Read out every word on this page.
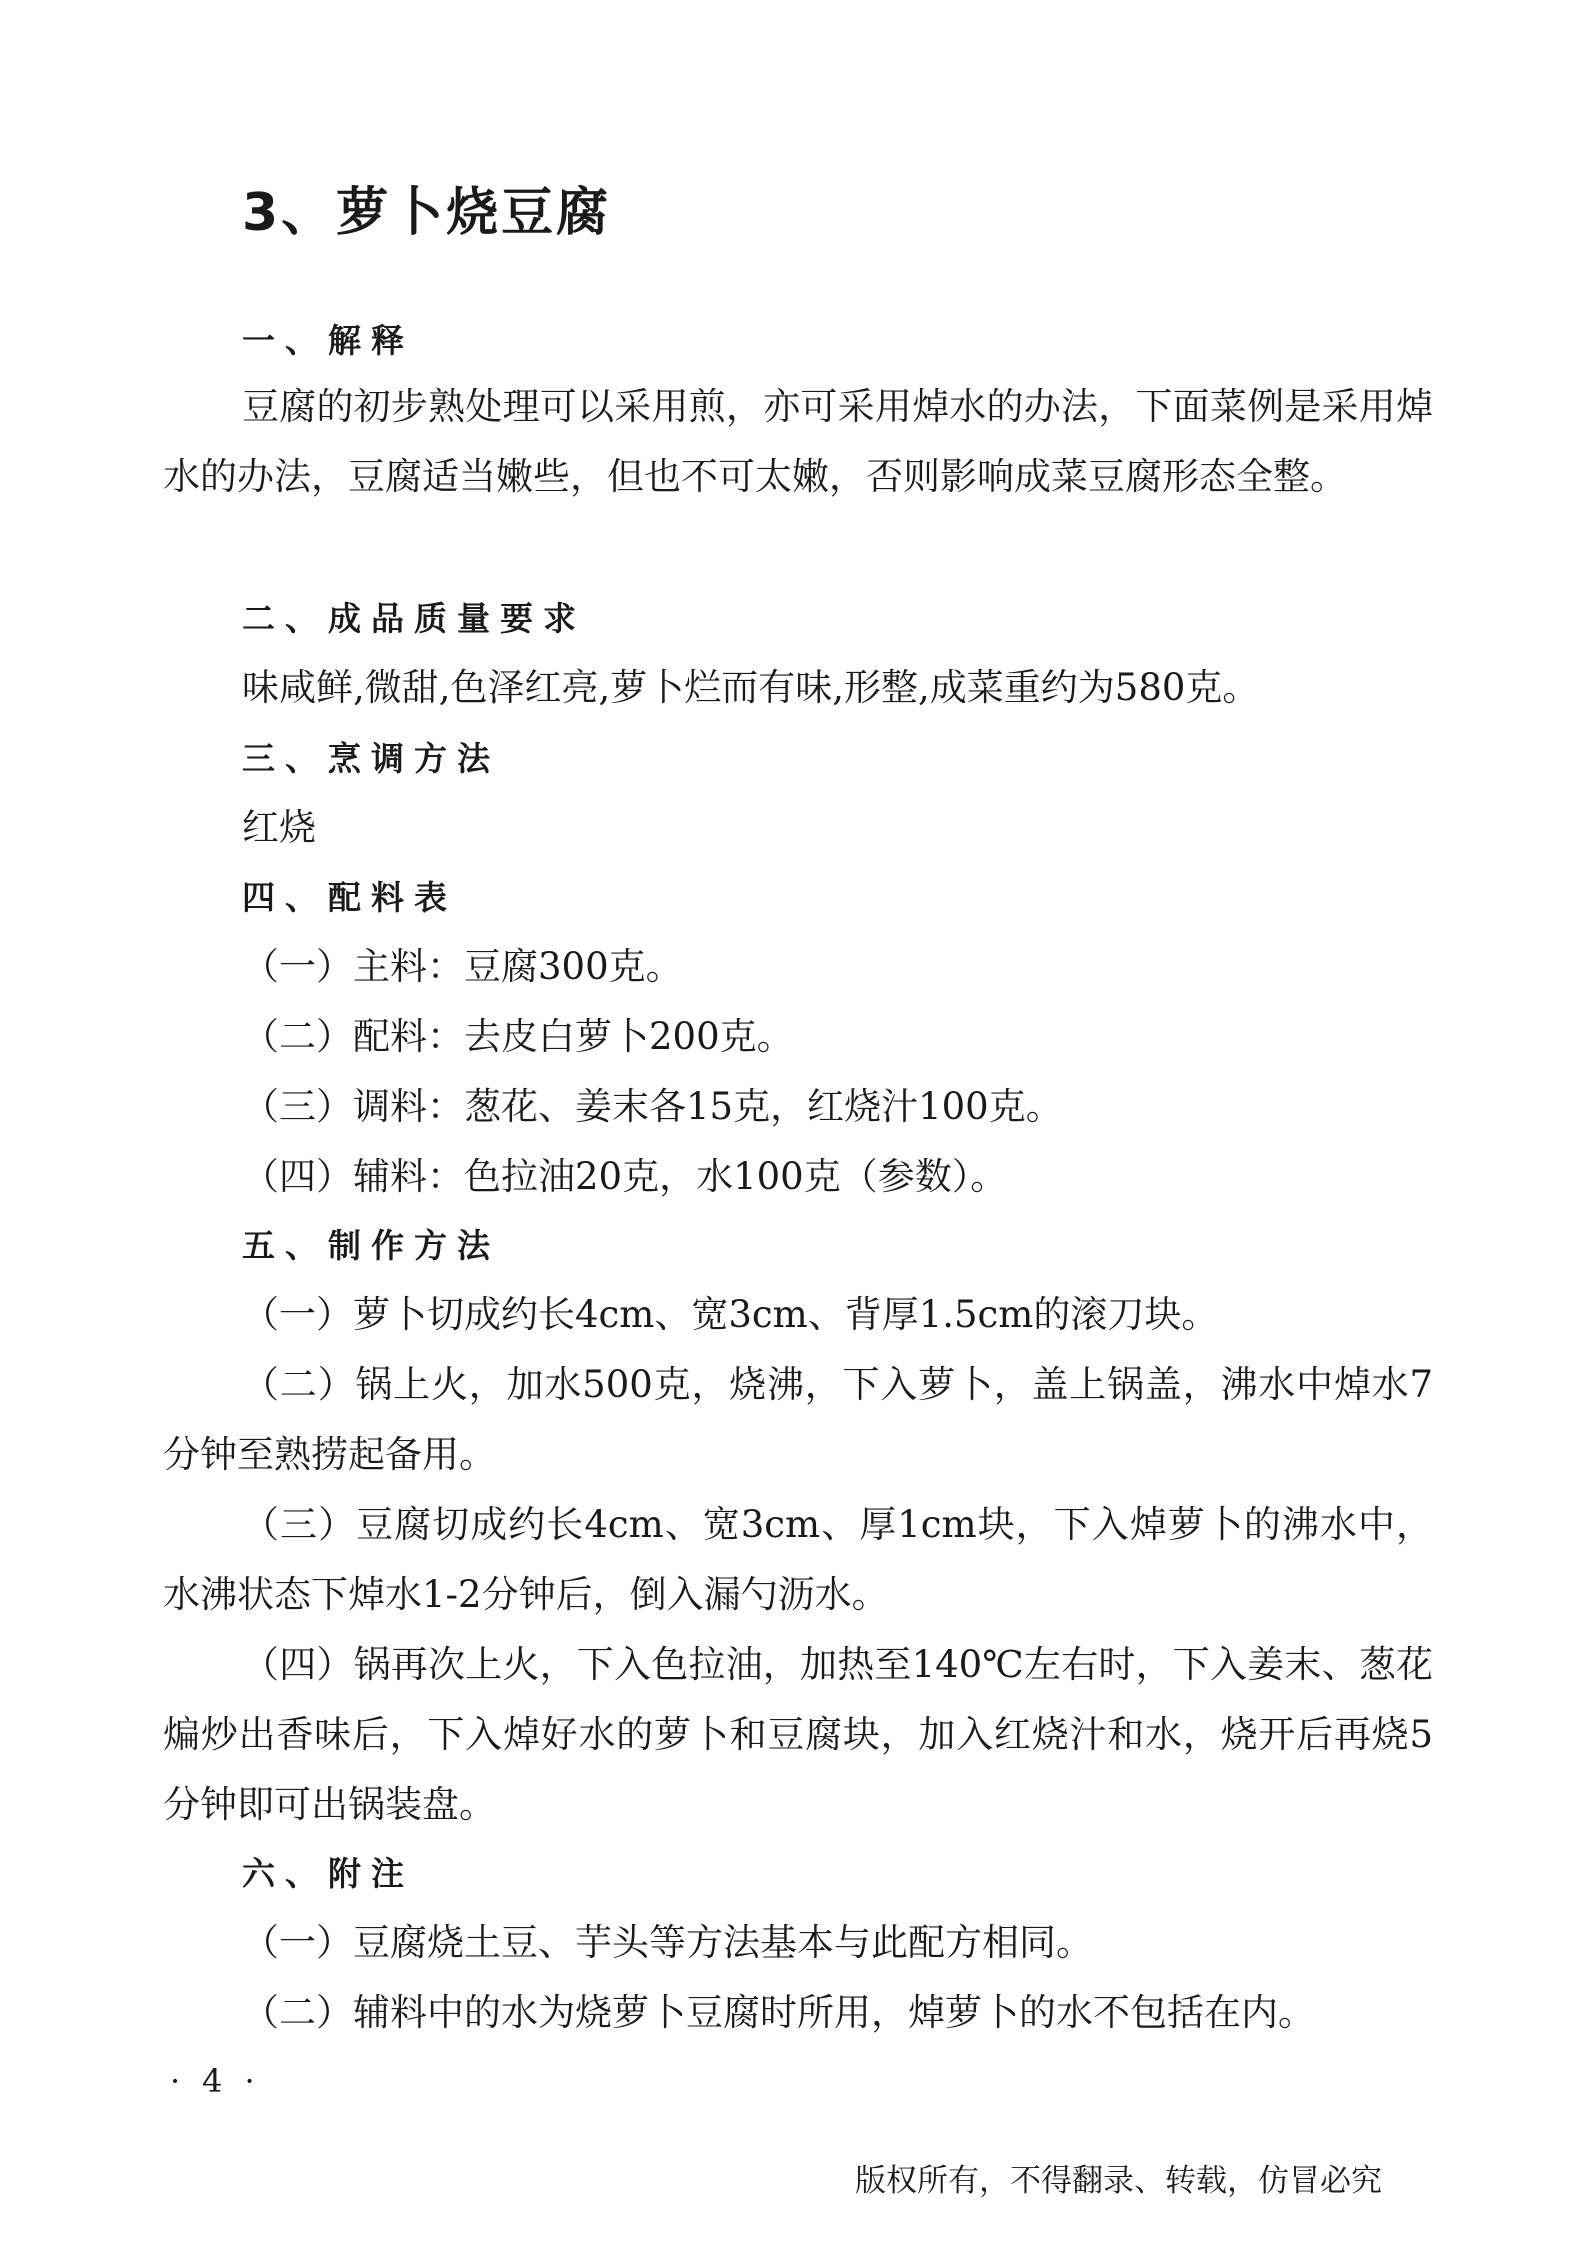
3、萝卜烧豆腐
一、解释
豆腐的初步熟处理可以采用煎，亦可采用焯水的办法，下面菜例是采用焯水的办法，豆腐适当嫩些，但也不可太嫩，否则影响成菜豆腐形态全整。
二、成品质量要求
味咸鲜,微甜,色泽红亮,萝卜烂而有味,形整,成菜重约为580克。
三、烹调方法
红烧
四、配料表
（一）主料：豆腐300克。
（二）配料：去皮白萝卜200克。
（三）调料：葱花、姜末各15克，红烧汁100克。
（四）辅料：色拉油20克，水100克（参数）。
五、制作方法
（一）萝卜切成约长4cm、宽3cm、背厚1.5cm的滚刀块。
（二）锅上火，加水500克，烧沸，下入萝卜，盖上锅盖，沸水中焯水7分钟至熟捞起备用。
（三）豆腐切成约长4cm、宽3cm、厚1cm块，下入焯萝卜的沸水中，水沸状态下焯水1-2分钟后，倒入漏勺沥水。
（四）锅再次上火，下入色拉油，加热至140℃左右时，下入姜末、葱花煸炒出香味后，下入焯好水的萝卜和豆腐块，加入红烧汁和水，烧开后再烧5分钟即可出锅装盘。
六、附注
（一）豆腐烧土豆、芋头等方法基本与此配方相同。
（二）辅料中的水为烧萝卜豆腐时所用，焯萝卜的水不包括在内。
·4·
版权所有，不得翻录、转载，仿冒必究
